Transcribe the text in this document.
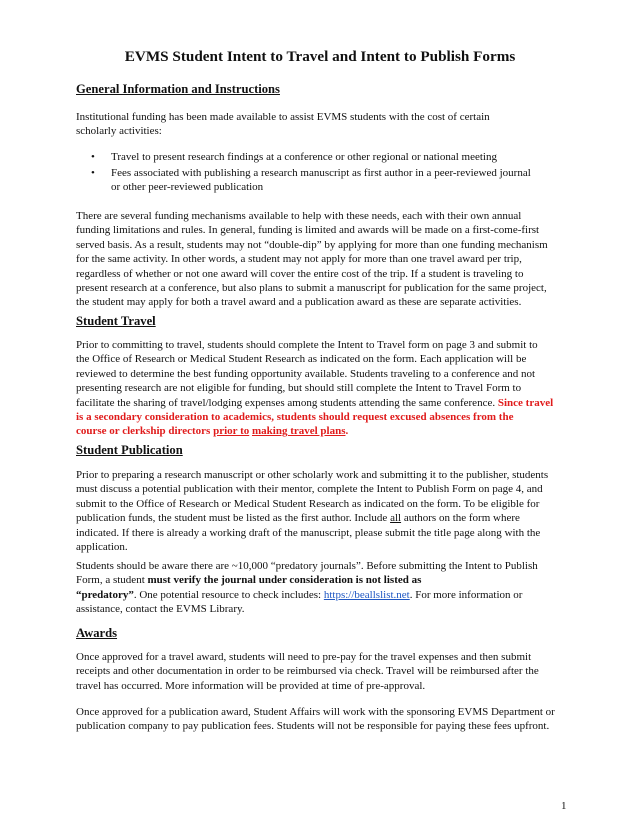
EVMS Student Intent to Travel and Intent to Publish Forms
General Information and Instructions

Institutional funding has been made available to assist EVMS students with the cost of certain
scholarly activities:

• Travel to present research findings at a conference or other regional or national meeting

• Fees associated with publishing a research manuscript as first author in a peer-reviewed journal
or other peer-reviewed publication

There are several funding mechanisms available to help with these needs, each with their own annual
funding limitations and rules. In general, funding is limited and awards will be made on a first-come-first
served basis. As a result, students may not “double-dip” by applying for more than one funding mechanism
for the same activity. In other words, a student may not apply for more than one travel award per trip,
regardless of whether or not one award will cover the entire cost of the trip. If a student is traveling to
present research at a conference, but also plans to submit a manuscript for publication for the same project,
the student may apply for both a travel award and a publication award as these are separate activities.

Student Travel

Prior to committing to travel, students should complete the Intent to Travel form on page 3 and submit to
the Office of Research or Medical Student Research as indicated on the form. Each application will be
reviewed to determine the best funding opportunity available. Students traveling to a conference and not
presenting research are not eligible for funding, but should still complete the Intent to Travel Form to
facilitate the sharing of travel/lodging expenses among students attending the same conference. Since travel
is a secondary consideration to academics, students should request excused absences from the
course or clerkship directors prior to making travel plans.

Student Publication

Prior to preparing a research manuscript or other scholarly work and submitting it to the publisher, students
must discuss a potential publication with their mentor, complete the Intent to Publish Form on page 4, and
submit to the Office of Research or Medical Student Research as indicated on the form. To be eligible for
publication funds, the student must be listed as the first author. Include all authors on the form where
indicated. If there is already a working draft of the manuscript, please submit the title page along with the
application.

Students should be aware there are ~10,000 “predatory journals”. Before submitting the Intent to Publish
Form, a student must verify the journal under consideration is not listed as
“predatory”. One potential resource to check includes: https://beallslist.net. For more information or
assistance, contact the EVMS Library.

Awards

Once approved for a travel award, students will need to pre-pay for the travel expenses and then submit
receipts and other documentation in order to be reimbursed via check. Travel will be reimbursed after the
travel has occurred. More information will be provided at time of pre-approval.

Once approved for a publication award, Student Affairs will work with the sponsoring EVMS Department or
publication company to pay publication fees. Students will not be responsible for paying these fees upfront.

1
